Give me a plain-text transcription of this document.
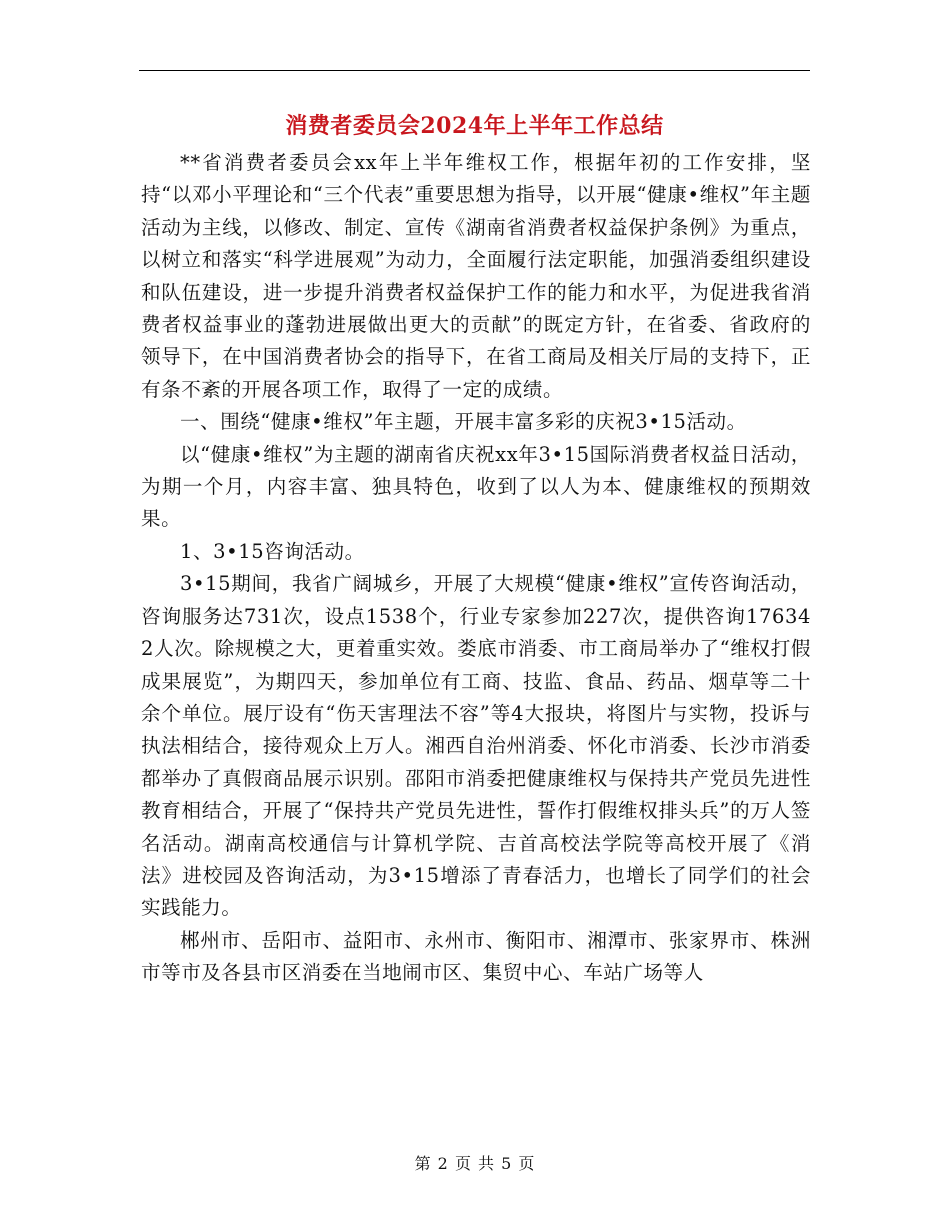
消费者委员会2024年上半年工作总结

**省消费者委员会xx年上半年维权工作，根据年初的工作安排，坚持“以邓小平理论和“三个代表”重要思想为指导，以开展“健康•维权”年主题活动为主线，以修改、制定、宣传《湖南省消费者权益保护条例》为重点，以树立和落实“科学进展观”为动力，全面履行法定职能，加强消委组织建设和队伍建设，进一步提升消费者权益保护工作的能力和水平，为促进我省消费者权益事业的蓬勃进展做出更大的贡献”的既定方针，在省委、省政府的领导下，在中国消费者协会的指导下，在省工商局及相关厅局的支持下，正有条不紊的开展各项工作，取得了一定的成绩。

一、围绕“健康•维权”年主题，开展丰富多彩的庆祝3•15活动。

以“健康•维权”为主题的湖南省庆祝xx年3•15国际消费者权益日活动，为期一个月，内容丰富、独具特色，收到了以人为本、健康维权的预期效果。

1、3•15咨询活动。

3•15期间，我省广阔城乡，开展了大规模“健康•维权”宣传咨询活动，咨询服务达731次，设点1538个，行业专家参加227次，提供咨询176342人次。除规模之大，更着重实效。娄底市消委、市工商局举办了“维权打假成果展览”，为期四天，参加单位有工商、技监、食品、药品、烟草等二十余个单位。展厅设有“伤天害理法不容”等4大报块，将图片与实物，投诉与执法相结合，接待观众上万人。湘西自治州消委、怀化市消委、长沙市消委都举办了真假商品展示识别。邵阳市消委把健康维权与保持共产党员先进性教育相结合，开展了“保持共产党员先进性，誓作打假维权排头兵”的万人签名活动。湖南高校通信与计算机学院、吉首高校法学院等高校开展了《消法》进校园及咨询活动，为3•15增添了青春活力，也增长了同学们的社会实践能力。

郴州市、岳阳市、益阳市、永州市、衡阳市、湘潭市、张家界市、株洲市等市及各县市区消委在当地闹市区、集贸中心、车站广场等人

第 2 页 共 5 页
